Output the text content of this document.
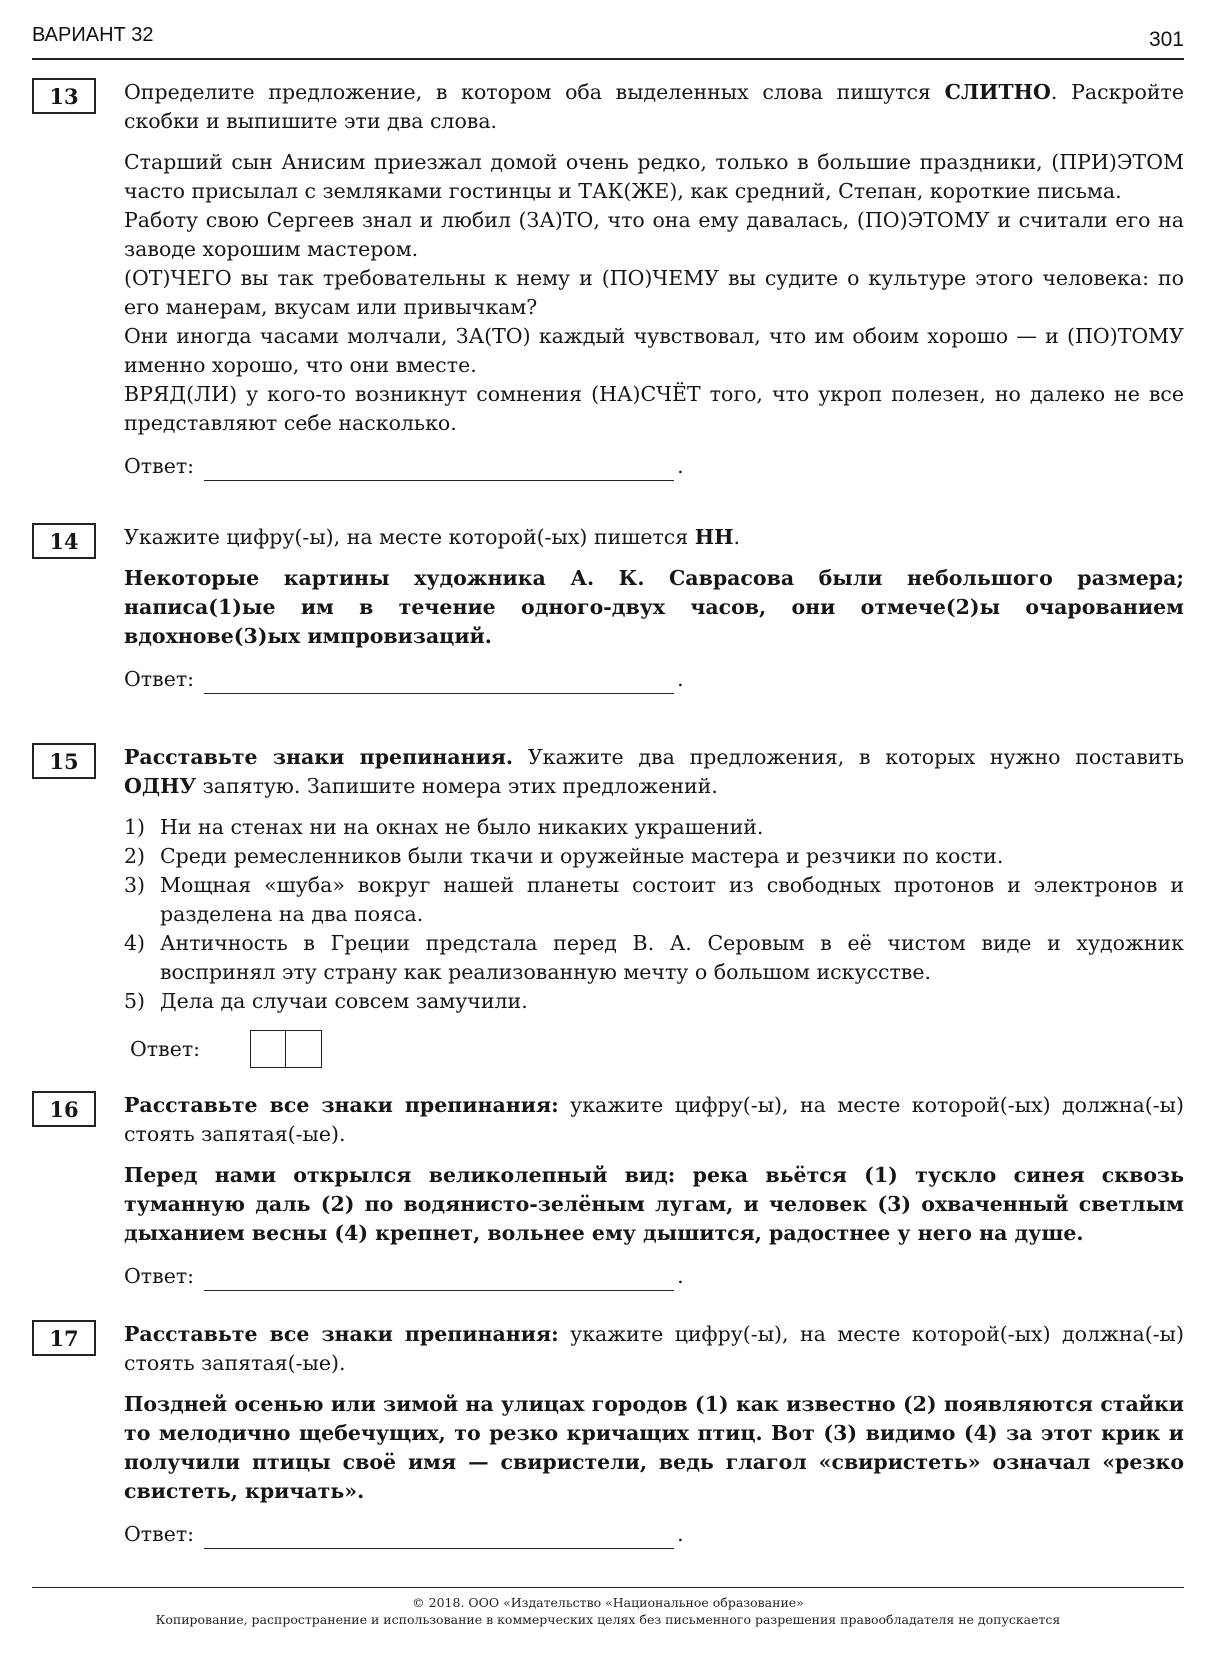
ВАРИАНТ 32	301
13	Определите предложение, в котором оба выделенных слова пишутся СЛИТНО. Раскройте скобки и выпишите эти два слова.

Старший сын Анисим приезжал домой очень редко, только в большие праздники, (ПРИ)ЭТОМ часто присылал с земляками гостинцы и ТАК(ЖЕ), как средний, Степан, короткие письма.

Работу свою Сергеев знал и любил (ЗА)ТО, что она ему давалась, (ПО)ЭТОМУ и считали его на заводе хорошим мастером.

(ОТ)ЧЕГО вы так требовательны к нему и (ПО)ЧЕМУ вы судите о культуре этого человека: по его манерам, вкусам или привычкам?

Они иногда часами молчали, ЗА(ТО) каждый чувствовал, что им обоим хорошо — и (ПО)ТОМУ именно хорошо, что они вместе.

ВРЯД(ЛИ) у кого-то возникнут сомнения (НА)СЧЁТ того, что укроп полезен, но далеко не все представляют себе насколько.

Ответ:	.
14	Укажите цифру(-ы), на месте которой(-ых) пишется НН.

Некоторые картины художника А. К. Саврасова были небольшого размера; написа(1)ые им в течение одного-двух часов, они отмече(2)ы очарованием вдохнове(3)ых импровизаций.

Ответ:	.
15	Расставьте знаки препинания. Укажите два предложения, в которых нужно поставить ОДНУ запятую. Запишите номера этих предложений.

1) Ни на стенах ни на окнах не было никаких украшений.
2) Среди ремесленников были ткачи и оружейные мастера и резчики по кости.
3) Мощная «шуба» вокруг нашей планеты состоит из свободных протонов и электронов и разделена на два пояса.
4) Античность в Греции предстала перед В. А. Серовым в её чистом виде и художник воспринял эту страну как реализованную мечту о большом искусстве.
5) Дела да случаи совсем замучили.
Ответ:
16	Расставьте все знаки препинания: укажите цифру(-ы), на месте которой(-ых) должна(-ы) стоять запятая(-ые).

Перед нами открылся великолепный вид: река вьётся (1) тускло синея сквозь туманную даль (2) по водянисто-зелёным лугам, и человек (3) охваченный светлым дыханием весны (4) крепнет, вольнее ему дышится, радостнее у него на душе.

Ответ:	.
17	Расставьте все знаки препинания: укажите цифру(-ы), на месте которой(-ых) должна(-ы) стоять запятая(-ые).

Поздней осенью или зимой на улицах городов (1) как известно (2) появляются стайки то мелодично щебечущих, то резко кричащих птиц. Вот (3) видимо (4) за этот крик и получили птицы своё имя — свиристели, ведь глагол «свиристеть» означал «резко свистеть, кричать».

Ответ:	.
© 2018. ООО «Издательство «Национальное образование»
Копирование, распространение и использование в коммерческих целях без письменного разрешения правообладателя не допускается
